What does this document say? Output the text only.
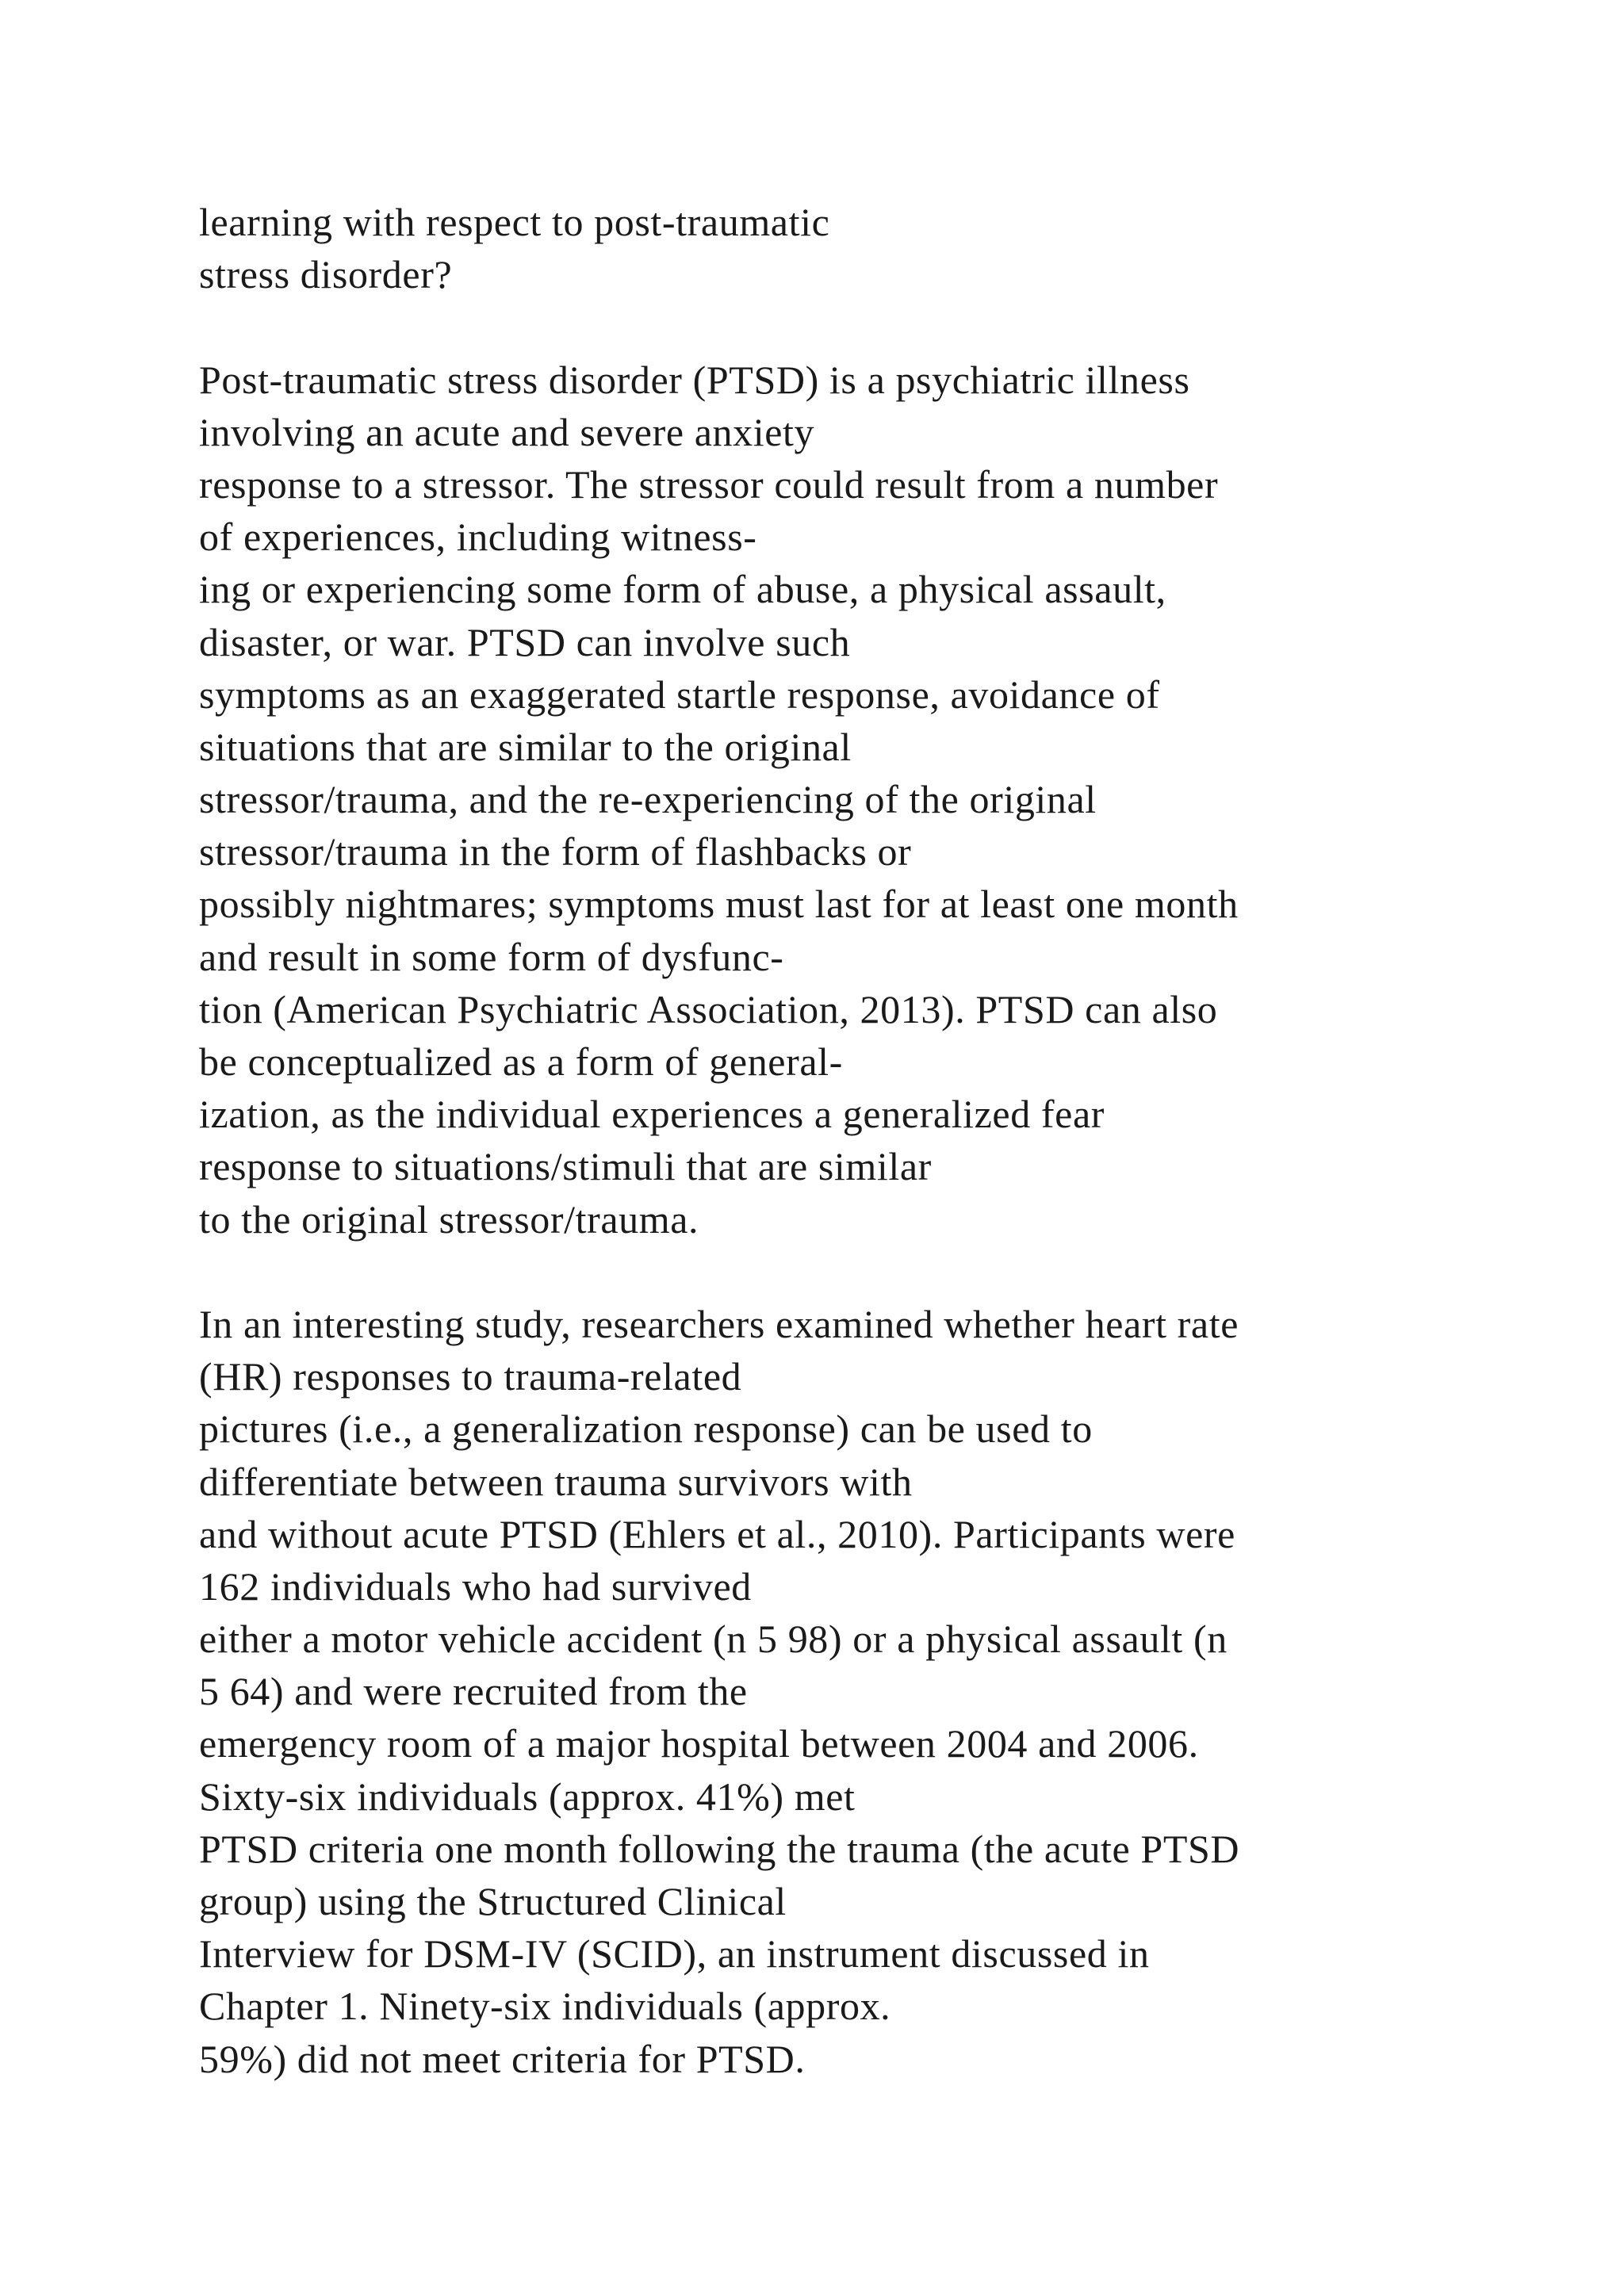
learning with respect to post-traumatic
stress disorder?
Post-traumatic stress disorder (PTSD) is a psychiatric illness
involving an acute and severe anxiety
response to a stressor. The stressor could result from a number
of experiences, including witness-
ing or experiencing some form of abuse, a physical assault,
disaster, or war. PTSD can involve such
symptoms as an exaggerated startle response, avoidance of
situations that are similar to the original
stressor/trauma, and the re-experiencing of the original
stressor/trauma in the form of flashbacks or
possibly nightmares; symptoms must last for at least one month
and result in some form of dysfunc-
tion (American Psychiatric Association, 2013). PTSD can also
be conceptualized as a form of general-
ization, as the individual experiences a generalized fear
response to situations/stimuli that are similar
to the original stressor/trauma.
In an interesting study, researchers examined whether heart rate
(HR) responses to trauma-related
pictures (i.e., a generalization response) can be used to
differentiate between trauma survivors with
and without acute PTSD (Ehlers et al., 2010). Participants were
162 individuals who had survived
either a motor vehicle accident (n 5 98) or a physical assault (n
5 64) and were recruited from the
emergency room of a major hospital between 2004 and 2006.
Sixty-six individuals (approx. 41%) met
PTSD criteria one month following the trauma (the acute PTSD
group) using the Structured Clinical
Interview for DSM-IV (SCID), an instrument discussed in
Chapter 1. Ninety-six individuals (approx.
59%) did not meet criteria for PTSD.
